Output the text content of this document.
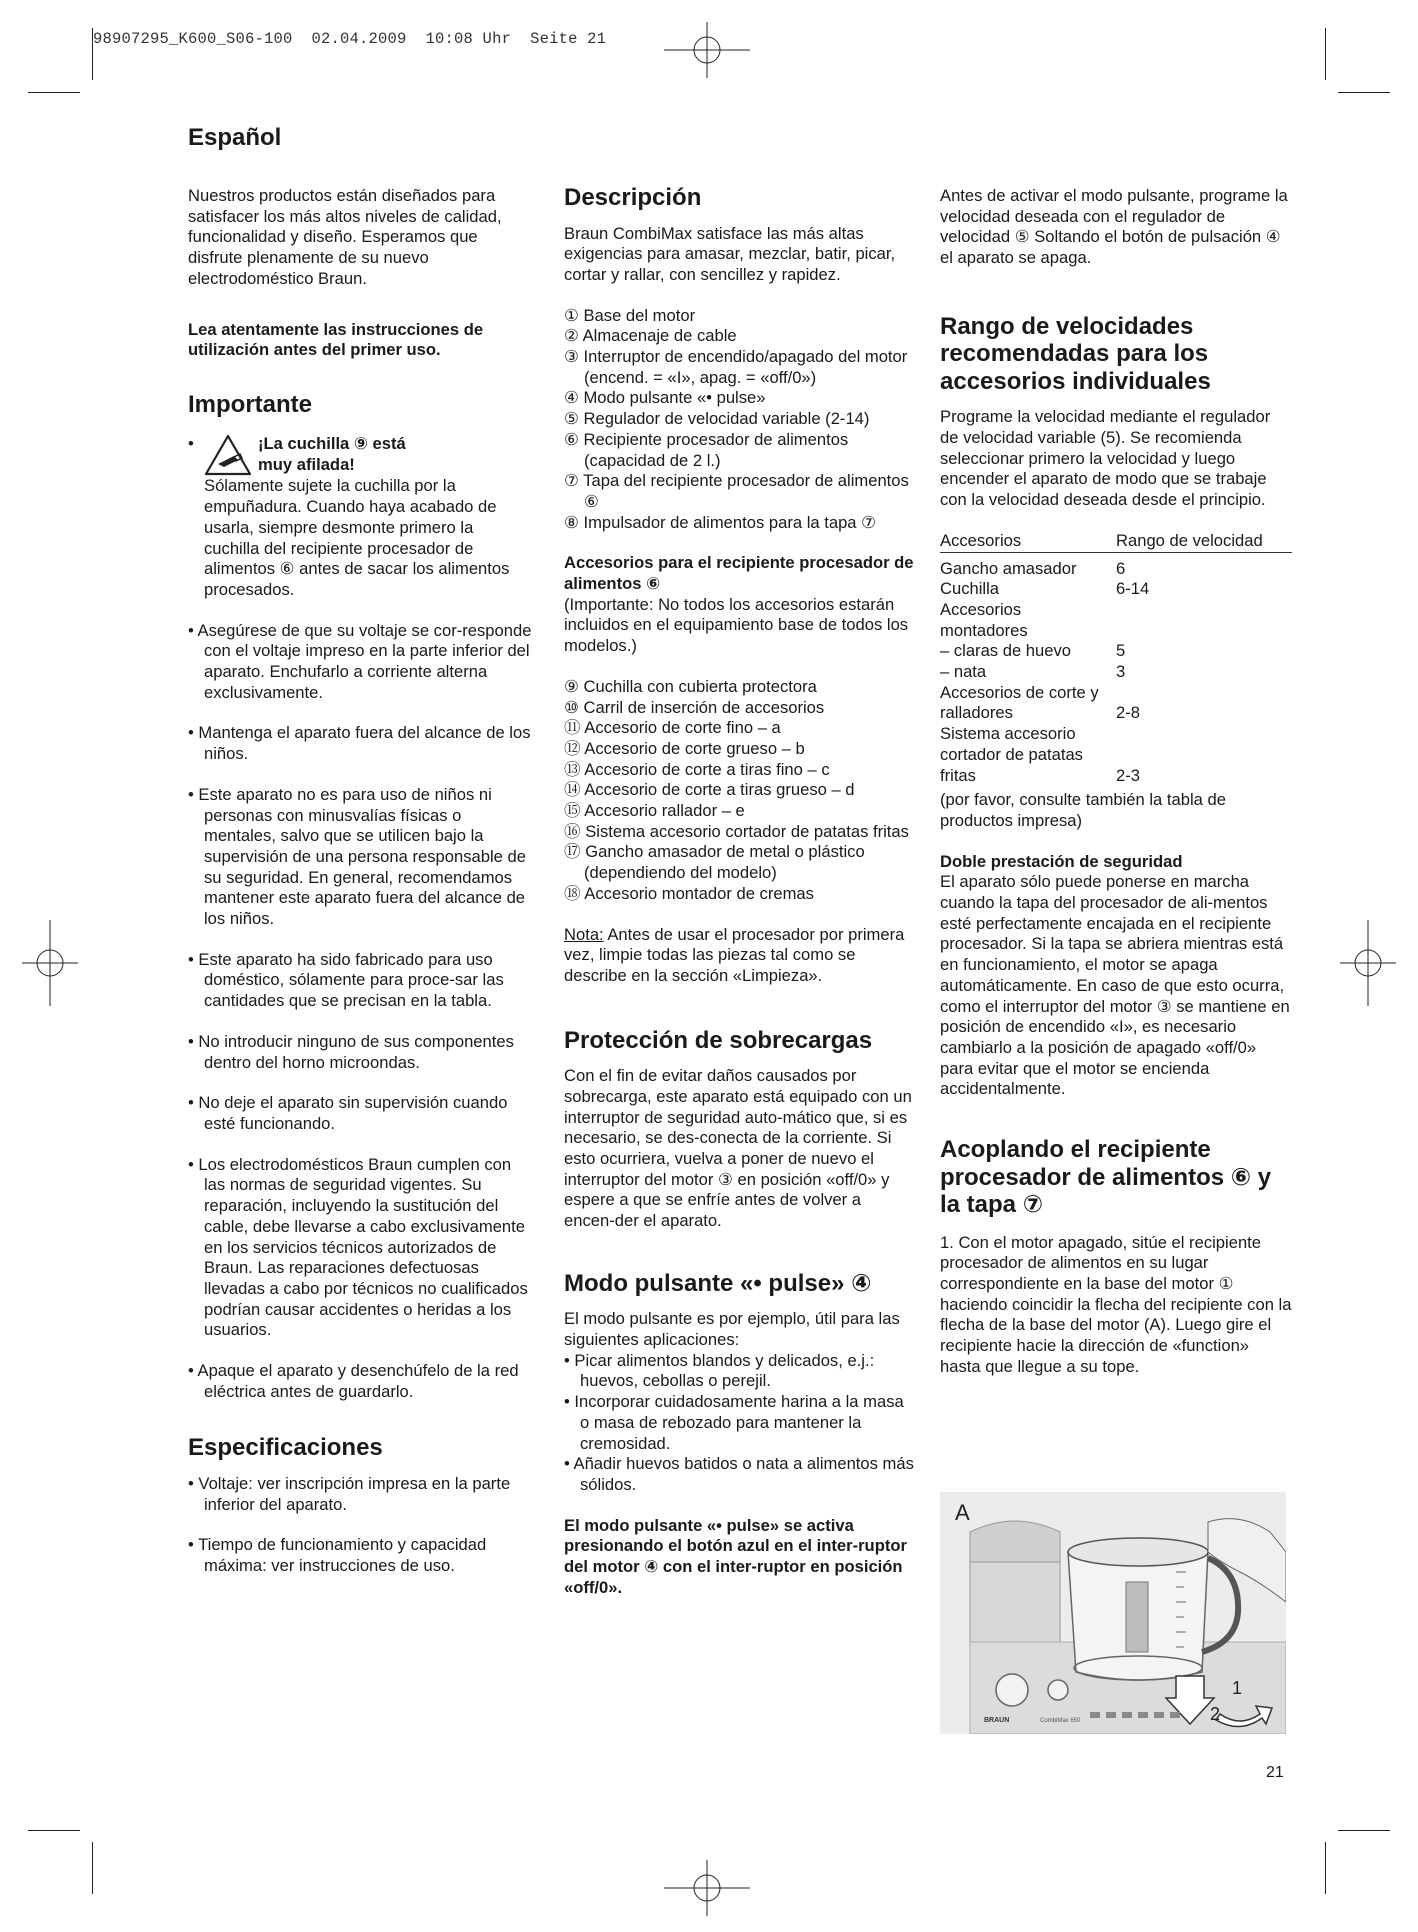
98907295_K600_S06-100  02.04.2009  10:08 Uhr  Seite 21
Español

Nuestros productos están diseñados para satisfacer los más altos niveles de calidad, funcionalidad y diseño. Esperamos que disfrute plenamente de su nuevo electrodoméstico Braun.

Lea atentamente las instrucciones de utilización antes del primer uso.

Importante
•	¡La cuchilla ⑨ está muy afilada!

Sólamente sujete la cuchilla por la empuñadura. Cuando haya acabado de usarla, siempre desmonte primero la cuchilla del recipiente procesador de alimentos ⑥ antes de sacar los alimentos procesados.

• Asegúrese de que su voltaje se cor-responde con el voltaje impreso en la parte inferior del aparato. Enchufarlo a corriente alterna exclusivamente.

• Mantenga el aparato fuera del alcance de los niños.

• Este aparato no es para uso de niños ni personas con minusvalías físicas o mentales, salvo que se utilicen bajo la supervisión de una persona responsable de su seguridad. En general, recomendamos mantener este aparato fuera del alcance de los niños.

• Este aparato ha sido fabricado para uso doméstico, sólamente para proce-sar las cantidades que se precisan en la tabla.

• No introducir ninguno de sus componentes dentro del horno microondas.

• No deje el aparato sin supervisión cuando esté funcionando.

• Los electrodomésticos Braun cumplen con las normas de seguridad vigentes. Su reparación, incluyendo la sustitución del cable, debe llevarse a cabo exclusivamente en los servicios técnicos autorizados de Braun. Las reparaciones defectuosas llevadas a cabo por técnicos no cualificados podrían causar accidentes o heridas a los usuarios.

• Apaque el aparato y desenchúfelo de la red eléctrica antes de guardarlo.

Especificaciones

• Voltaje: ver inscripción impresa en la parte inferior del aparato.

• Tiempo de funcionamiento y capacidad máxima: ver instrucciones de uso.

Descripción

Braun CombiMax satisface las más altas exigencias para amasar, mezclar, batir, picar, cortar y rallar, con sencillez y rapidez.

① Base del motor

② Almacenaje de cable

③ Interruptor de encendido/apagado del motor (encend. = «I», apag. = «off/0»)

④ Modo pulsante «• pulse»

⑤ Regulador de velocidad variable (2-14)

⑥ Recipiente procesador de alimentos (capacidad de 2 l.)

⑦ Tapa del recipiente procesador de alimentos ⑥

⑧ Impulsador de alimentos para la tapa ⑦

Accesorios para el recipiente procesador de alimentos ⑥

(Importante: No todos los accesorios estarán incluidos en el equipamiento base de todos los modelos.)

⑨ Cuchilla con cubierta protectora

⑩ Carril de inserción de accesorios

⑪ Accesorio de corte fino – a

⑫ Accesorio de corte grueso – b

⑬ Accesorio de corte a tiras fino – c

⑭ Accesorio de corte a tiras grueso – d

⑮ Accesorio rallador – e

⑯ Sistema accesorio cortador de patatas fritas

⑰ Gancho amasador de metal o plástico (dependiendo del modelo)

⑱ Accesorio montador de cremas

Nota: Antes de usar el procesador por primera vez, limpie todas las piezas tal como se describe en la sección «Limpieza».

Protección de sobrecargas

Con el fin de evitar daños causados por sobrecarga, este aparato está equipado con un interruptor de seguridad auto-mático que, si es necesario, se des-conecta de la corriente. Si esto ocurriera, vuelva a poner de nuevo el interruptor del motor ③ en posición «off/0» y espere a que se enfríe antes de volver a encen-der el aparato.

Modo pulsante «• pulse» ④

El modo pulsante es por ejemplo, útil para las siguientes aplicaciones:

• Picar alimentos blandos y delicados, e.j.: huevos, cebollas o perejil.

• Incorporar cuidadosamente harina a la masa o masa de rebozado para mantener la cremosidad.

• Añadir huevos batidos o nata a alimentos más sólidos.

El modo pulsante «• pulse» se activa presionando el botón azul en el inter-ruptor del motor ④ con el inter-ruptor en posición «off/0».

Antes de activar el modo pulsante, programe la velocidad deseada con el regulador de velocidad ⑤ Soltando el botón de pulsación ④ el aparato se apaga.

Rango de velocidades recomendadas para los accesorios individuales

Programe la velocidad mediante el regulador de velocidad variable (5). Se recomienda seleccionar primero la velocidad y luego encender el aparato de modo que se trabaje con la velocidad deseada desde el principio.

Accesorios	Rango de velocidad
Gancho amasador	6
Cuchilla	6-14
Accesorios montadores	
– claras de huevo	5
– nata	3
Accesorios de corte y ralladores	2-8
Sistema accesorio cortador de patatas fritas	2-3

(por favor, consulte también la tabla de productos impresa)

Doble prestación de seguridad

El aparato sólo puede ponerse en marcha cuando la tapa del procesador de ali-mentos esté perfectamente encajada en el recipiente procesador. Si la tapa se abriera mientras está en funcionamiento, el motor se apaga automáticamente. En caso de que esto ocurra, como el interruptor del motor ③ se mantiene en posición de encendido «I», es necesario cambiarlo a la posición de apagado «off/0» para evitar que el motor se encienda accidentalmente.

Acoplando el recipiente procesador de alimentos ⑥ y la tapa ⑦

1. Con el motor apagado, sitúe el recipiente procesador de alimentos en su lugar correspondiente en la base del motor ① haciendo coincidir la flecha del recipiente con la flecha de la base del motor (A). Luego gire el recipiente hacie la dirección de «function» hasta que llegue a su tope.

A
1
2
BRAUN	CombiMax 650
21
